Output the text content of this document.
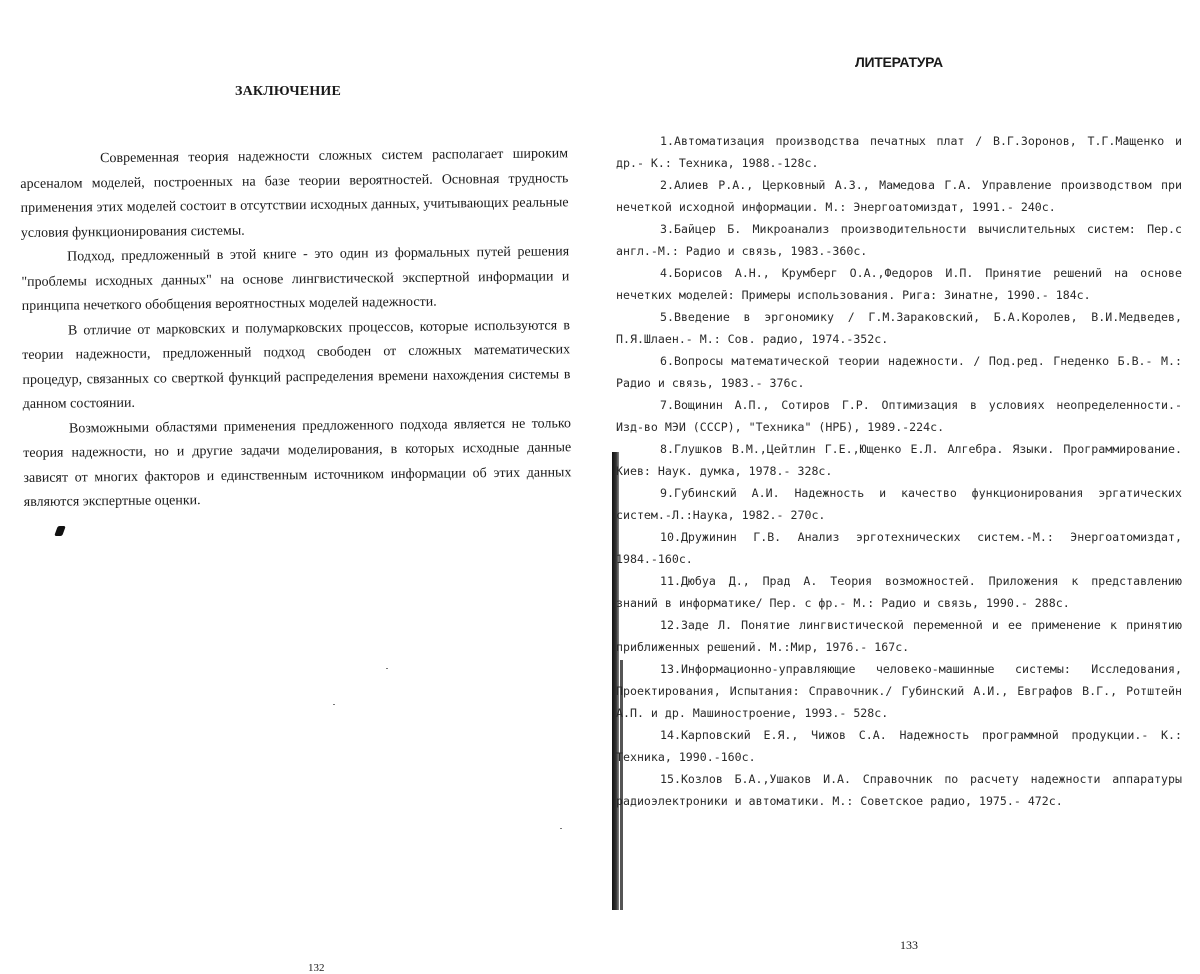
ЗАКЛЮЧЕНИЕ

Современная теория надежности сложных систем располагает широким арсеналом моделей, построенных на базе теории вероятностей. Основная трудность применения этих моделей состоит в отсутствии исходных данных, учитывающих реальные условия функционирования системы.

Подход, предложенный в этой книге - это один из формальных путей решения "проблемы исходных данных" на основе лингвистической экспертной информации и принципа нечеткого обобщения вероятностных моделей надежности.

В отличие от марковских и полумарковских процессов, которые используются в теории надежности, предложенный подход свободен от сложных математических процедур, связанных со сверткой функций распределения времени нахождения системы в данном состоянии.

Возможными областями применения предложенного подхода является не только теория надежности, но и другие задачи моделирования, в которых исходные данные зависят от многих факторов и единственным источником информации об этих данных являются экспертные оценки.

132
ЛИТЕРАТУРА
1.Автоматизация производства печатных плат / В.Г.Зоронов, Т.Г.Мащенко и др.- К.: Техника, 1988.-128с.
2.Алиев Р.А., Церковный А.З., Мамедова Г.А. Управление производством при нечеткой исходной информации. М.: Энергоатомиздат, 1991.- 240с.
3.Байцер Б. Микроанализ производительности вычислительных систем: Пер.с англ.-М.: Радио и связь, 1983.-360с.
4.Борисов А.Н., Крумберг О.А.,Федоров И.П. Принятие решений на основе нечетких моделей: Примеры использования. Рига: Зинатне, 1990.- 184с.
5.Введение в эргономику / Г.М.Зараковский, Б.А.Королев, В.И.Медведев, П.Я.Шлаен.- М.: Сов. радио, 1974.-352с.
6.Вопросы математической теории надежности. / Под.ред. Гнеденко Б.В.- М.: Радио и связь, 1983.- 376с.
7.Вощинин А.П., Сотиров Г.Р. Оптимизация в условиях неопределенности.- Изд-во МЭИ (СССР), "Техника" (НРБ), 1989.-224с.
8.Глушков В.М.,Цейтлин Г.Е.,Ющенко Е.Л. Алгебра. Языки. Программирование. Киев: Наук. думка, 1978.- 328с.
9.Губинский А.И. Надежность и качество функционирования эргатических систем.-Л.:Наука, 1982.- 270с.
10.Дружинин Г.В. Анализ эрготехнических систем.-М.: Энергоатомиздат, 1984.-160с.
11.Дюбуа Д., Прад А. Теория возможностей. Приложения к представлению знаний в информатике/ Пер. с фр.- М.: Радио и связь, 1990.- 288с.
12.Заде Л. Понятие лингвистической переменной и ее применение к принятию приближенных решений. М.:Мир, 1976.- 167с.
13.Информационно-управляющие человеко-машинные системы: Исследования, Проектирования, Испытания: Справочник./ Губинский А.И., Евграфов В.Г., Ротштейн А.П. и др. Машиностроение, 1993.- 528с.
14.Карповский Е.Я., Чижов С.А. Надежность программной продукции.- К.: Техника, 1990.-160с.
15.Козлов Б.А.,Ушаков И.А. Справочник по расчету надежности аппаратуры радиоэлектроники и автоматики. М.: Советское радио, 1975.- 472с.
133
